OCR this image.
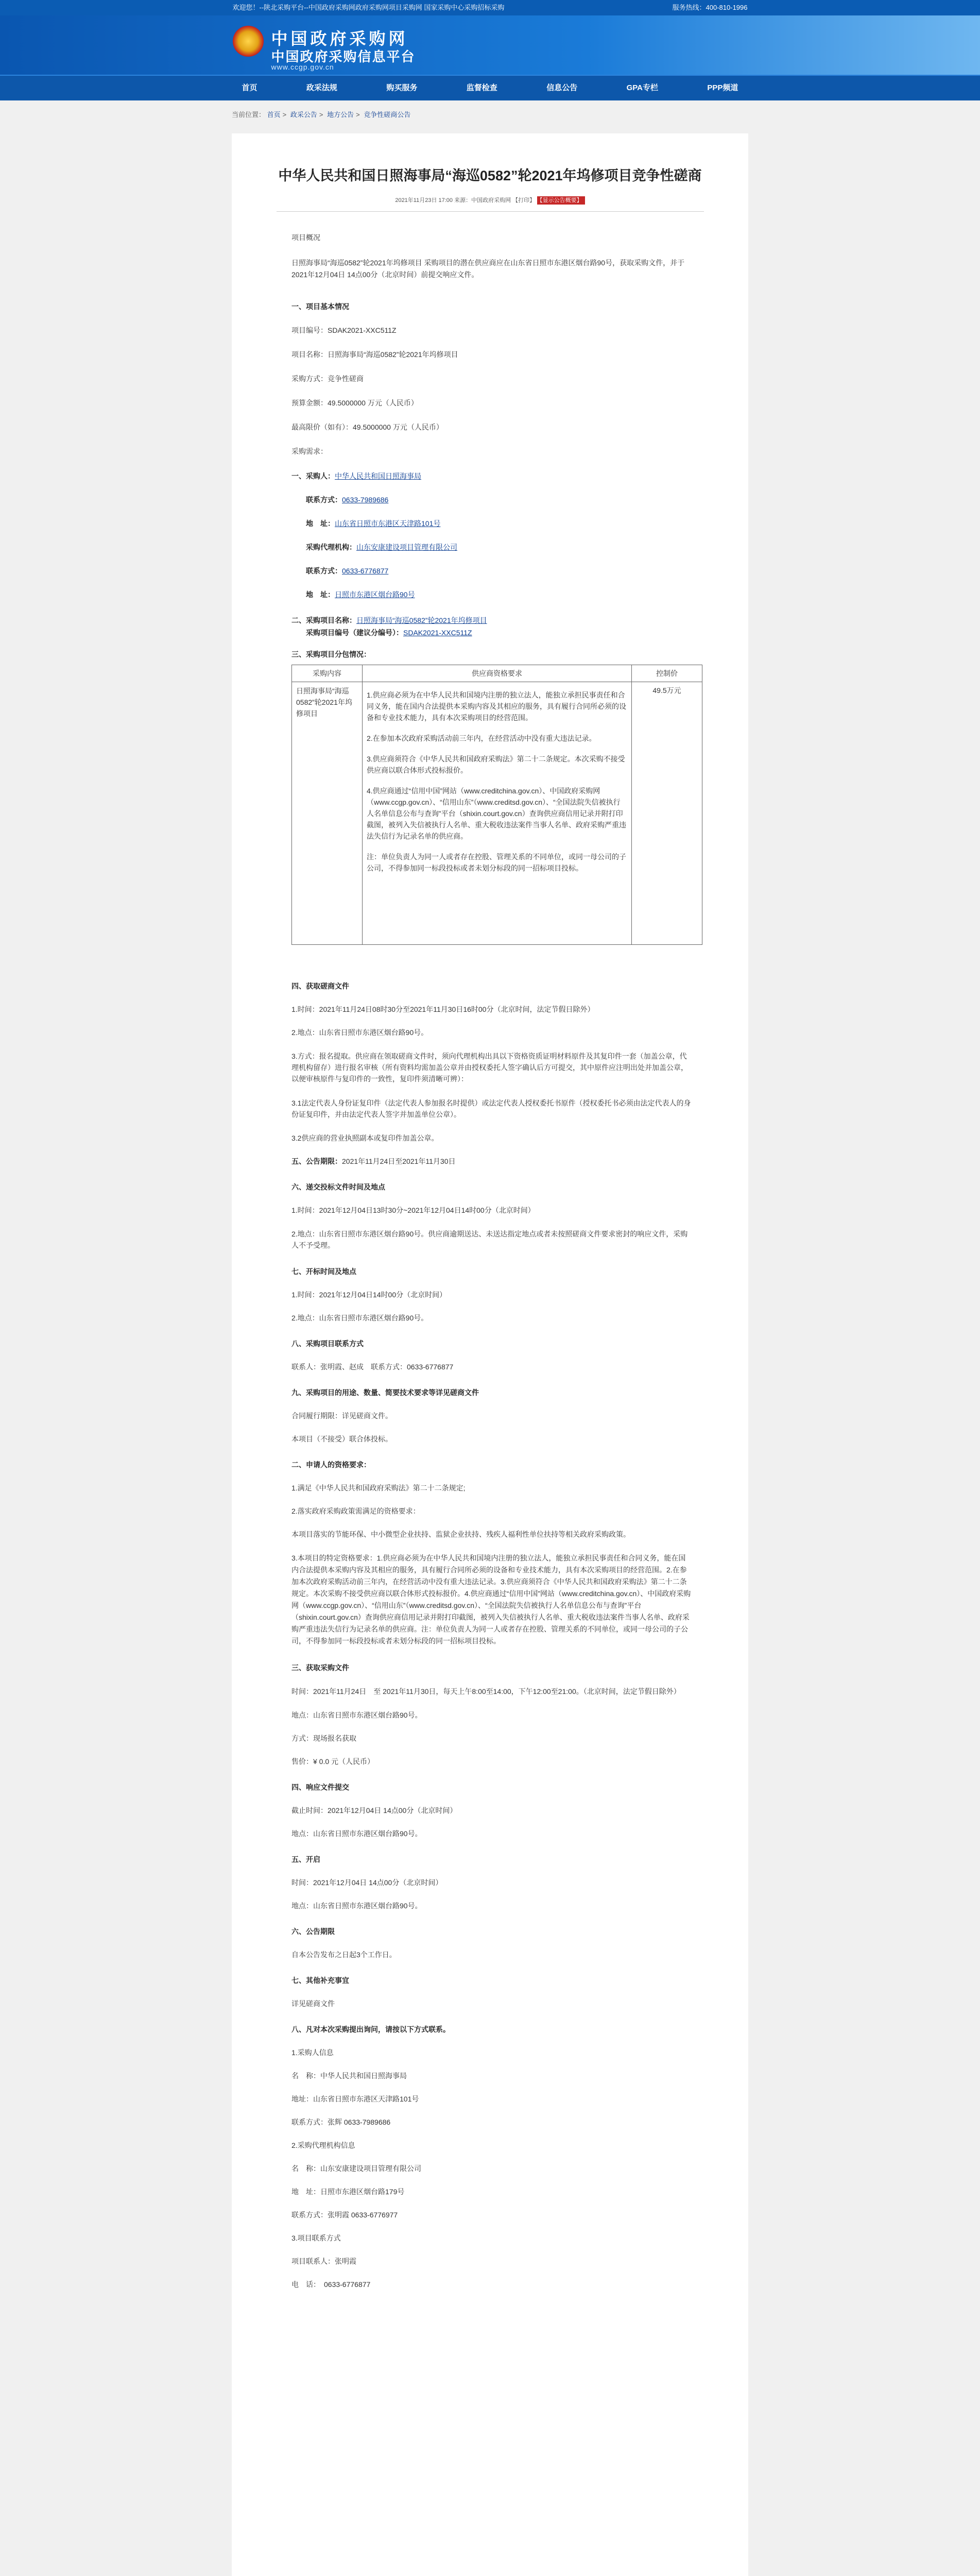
欢迎您！--陕北采购平台--中国政府采购网政府采购网项目采购网 国家采购中心采购招标采购	服务热线：400-810-1996
中国政府采购网
中国政府采购信息平台
www.ccgp.gov.cn
首页	政采法规	购买服务	监督检查	信息公告	GPA专栏	PPP频道
当前位置： 首页 > 政采公告 > 地方公告 > 竞争性磋商公告
中华人民共和国日照海事局“海巡0582”轮2021年坞修项目竞争性磋商
2021年11月23日 17:00 来源：中国政府采购网 【打印】 【显示公告概要】

项目概况

日照海事局“海巡0582”轮2021年坞修项目 采购项目的潜在供应商应在山东省日照市东港区烟台路90号，获取采购文件，并于2021年12月04日 14点00分（北京时间）前提交响应文件。

一、项目基本情况

项目编号：SDAK2021-XXC511Z

项目名称：日照海事局“海巡0582”轮2021年坞修项目

采购方式：竞争性磋商

预算金额：49.5000000 万元（人民币）

最高限价（如有）：49.5000000 万元（人民币）

采购需求：

一、采购人：中华人民共和国日照海事局

联系方式：0633-7989686

地　址：山东省日照市东港区天津路101号

采购代理机构：山东安康建设项目管理有限公司

联系方式：0633-6776877

地　址：日照市东港区烟台路90号

二、采购项目名称：日照海事局“海巡0582”轮2021年坞修项目

采购项目编号（建议分编号）：SDAK2021-XXC511Z

三、采购项目分包情况：

采购内容	供应商资格要求	控制价
日照海事局“海巡0582”轮2021年坞修项目	1.供应商必须为在中华人民共和国境内注册的独立法人，能独立承担民事责任和合同义务，能在国内合法提供本采购内容及其相应的服务，具有履行合同所必须的设备和专业技术能力，具有本次采购项目的经营范围。

2.在参加本次政府采购活动前三年内，在经营活动中没有重大违法记录。

3.供应商须符合《中华人民共和国政府采购法》第二十二条规定。本次采购不接受供应商以联合体形式投标报价。

4.供应商通过“信用中国”网站（www.creditchina.gov.cn）、中国政府采购网（www.ccgp.gov.cn）、“信用山东”（www.creditsd.gov.cn）、“全国法院失信被执行人名单信息公布与查询”平台（shixin.court.gov.cn）查询供应商信用记录并附打印截图，被列入失信被执行人名单、重大税收违法案件当事人名单、政府采购严重违法失信行为记录名单的供应商。

注：单位负责人为同一人或者存在控股、管理关系的不同单位，或同一母公司的子公司，不得参加同一标段投标或者未划分标段的同一招标项目投标。	49.5万元

四、获取磋商文件

1.时间：2021年11月24日08时30分至2021年11月30日16时00分（北京时间，法定节假日除外）

2.地点：山东省日照市东港区烟台路90号。

3.方式：报名提取。供应商在领取磋商文件时，须向代理机构出具以下资格资质证明材料原件及其复印件一套（加盖公章，代理机构留存）进行报名审核（所有资料均需加盖公章并由授权委托人签字确认后方可提交，其中原件应注明出处并加盖公章，以便审核原件与复印件的一致性，复印件须清晰可辨）：

3.1法定代表人身份证复印件（法定代表人参加报名时提供）或法定代表人授权委托书原件（授权委托书必须由法定代表人的身份证复印件，并由法定代表人签字并加盖单位公章）。

3.2供应商的营业执照副本或复印件加盖公章。

五、公告期限：2021年11月24日至2021年11月30日

六、递交投标文件时间及地点

1.时间：2021年12月04日13时30分~2021年12月04日14时00分（北京时间）

2.地点：山东省日照市东港区烟台路90号。供应商逾期送达、未送达指定地点或者未按照磋商文件要求密封的响应文件，采购人不予受理。

七、开标时间及地点

1.时间：2021年12月04日14时00分（北京时间）

2.地点：山东省日照市东港区烟台路90号。

八、采购项目联系方式

联系人：张明霞、赵成　联系方式：0633-6776877

九、采购项目的用途、数量、简要技术要求等详见磋商文件

合同履行期限：详见磋商文件。

本项目（不接受）联合体投标。

二、申请人的资格要求：

1.满足《中华人民共和国政府采购法》第二十二条规定;

2.落实政府采购政策需满足的资格要求：

本项目落实的节能环保、中小微型企业扶持、监狱企业扶持、残疾人福利性单位扶持等相关政府采购政策。

3.本项目的特定资格要求：1.供应商必须为在中华人民共和国境内注册的独立法人，能独立承担民事责任和合同义务，能在国内合法提供本采购内容及其相应的服务，具有履行合同所必须的设备和专业技术能力，具有本次采购项目的经营范围。2.在参加本次政府采购活动前三年内，在经营活动中没有重大违法记录。3.供应商须符合《中华人民共和国政府采购法》第二十二条规定。本次采购不接受供应商以联合体形式投标报价。4.供应商通过“信用中国”网站（www.creditchina.gov.cn）、中国政府采购网（www.ccgp.gov.cn）、“信用山东”（www.creditsd.gov.cn）、“全国法院失信被执行人名单信息公布与查询”平台（shixin.court.gov.cn）查询供应商信用记录并附打印截图，被列入失信被执行人名单、重大税收违法案件当事人名单、政府采购严重违法失信行为记录名单的供应商。注：单位负责人为同一人或者存在控股、管理关系的不同单位，或同一母公司的子公司，不得参加同一标段投标或者未划分标段的同一招标项目投标。

三、获取采购文件

时间：2021年11月24日　至 2021年11月30日，每天上午8:00至14:00，下午12:00至21:00。（北京时间，法定节假日除外）

地点：山东省日照市东港区烟台路90号。

方式：现场报名获取

售价：¥ 0.0 元（人民币）

四、响应文件提交

截止时间：2021年12月04日 14点00分（北京时间）

地点：山东省日照市东港区烟台路90号。

五、开启

时间：2021年12月04日 14点00分（北京时间）

地点：山东省日照市东港区烟台路90号。

六、公告期限

自本公告发布之日起3个工作日。

七、其他补充事宜

详见磋商文件

八、凡对本次采购提出询问，请按以下方式联系。

1.采购人信息

名　称：中华人民共和国日照海事局

地址：山东省日照市东港区天津路101号

联系方式：张辉 0633-7989686

2.采购代理机构信息

名　称：山东安康建设项目管理有限公司

地　址：日照市东港区烟台路179号

联系方式：张明霞 0633-6776977

3.项目联系方式

项目联系人：张明霞

电　话：　0633-6776877
